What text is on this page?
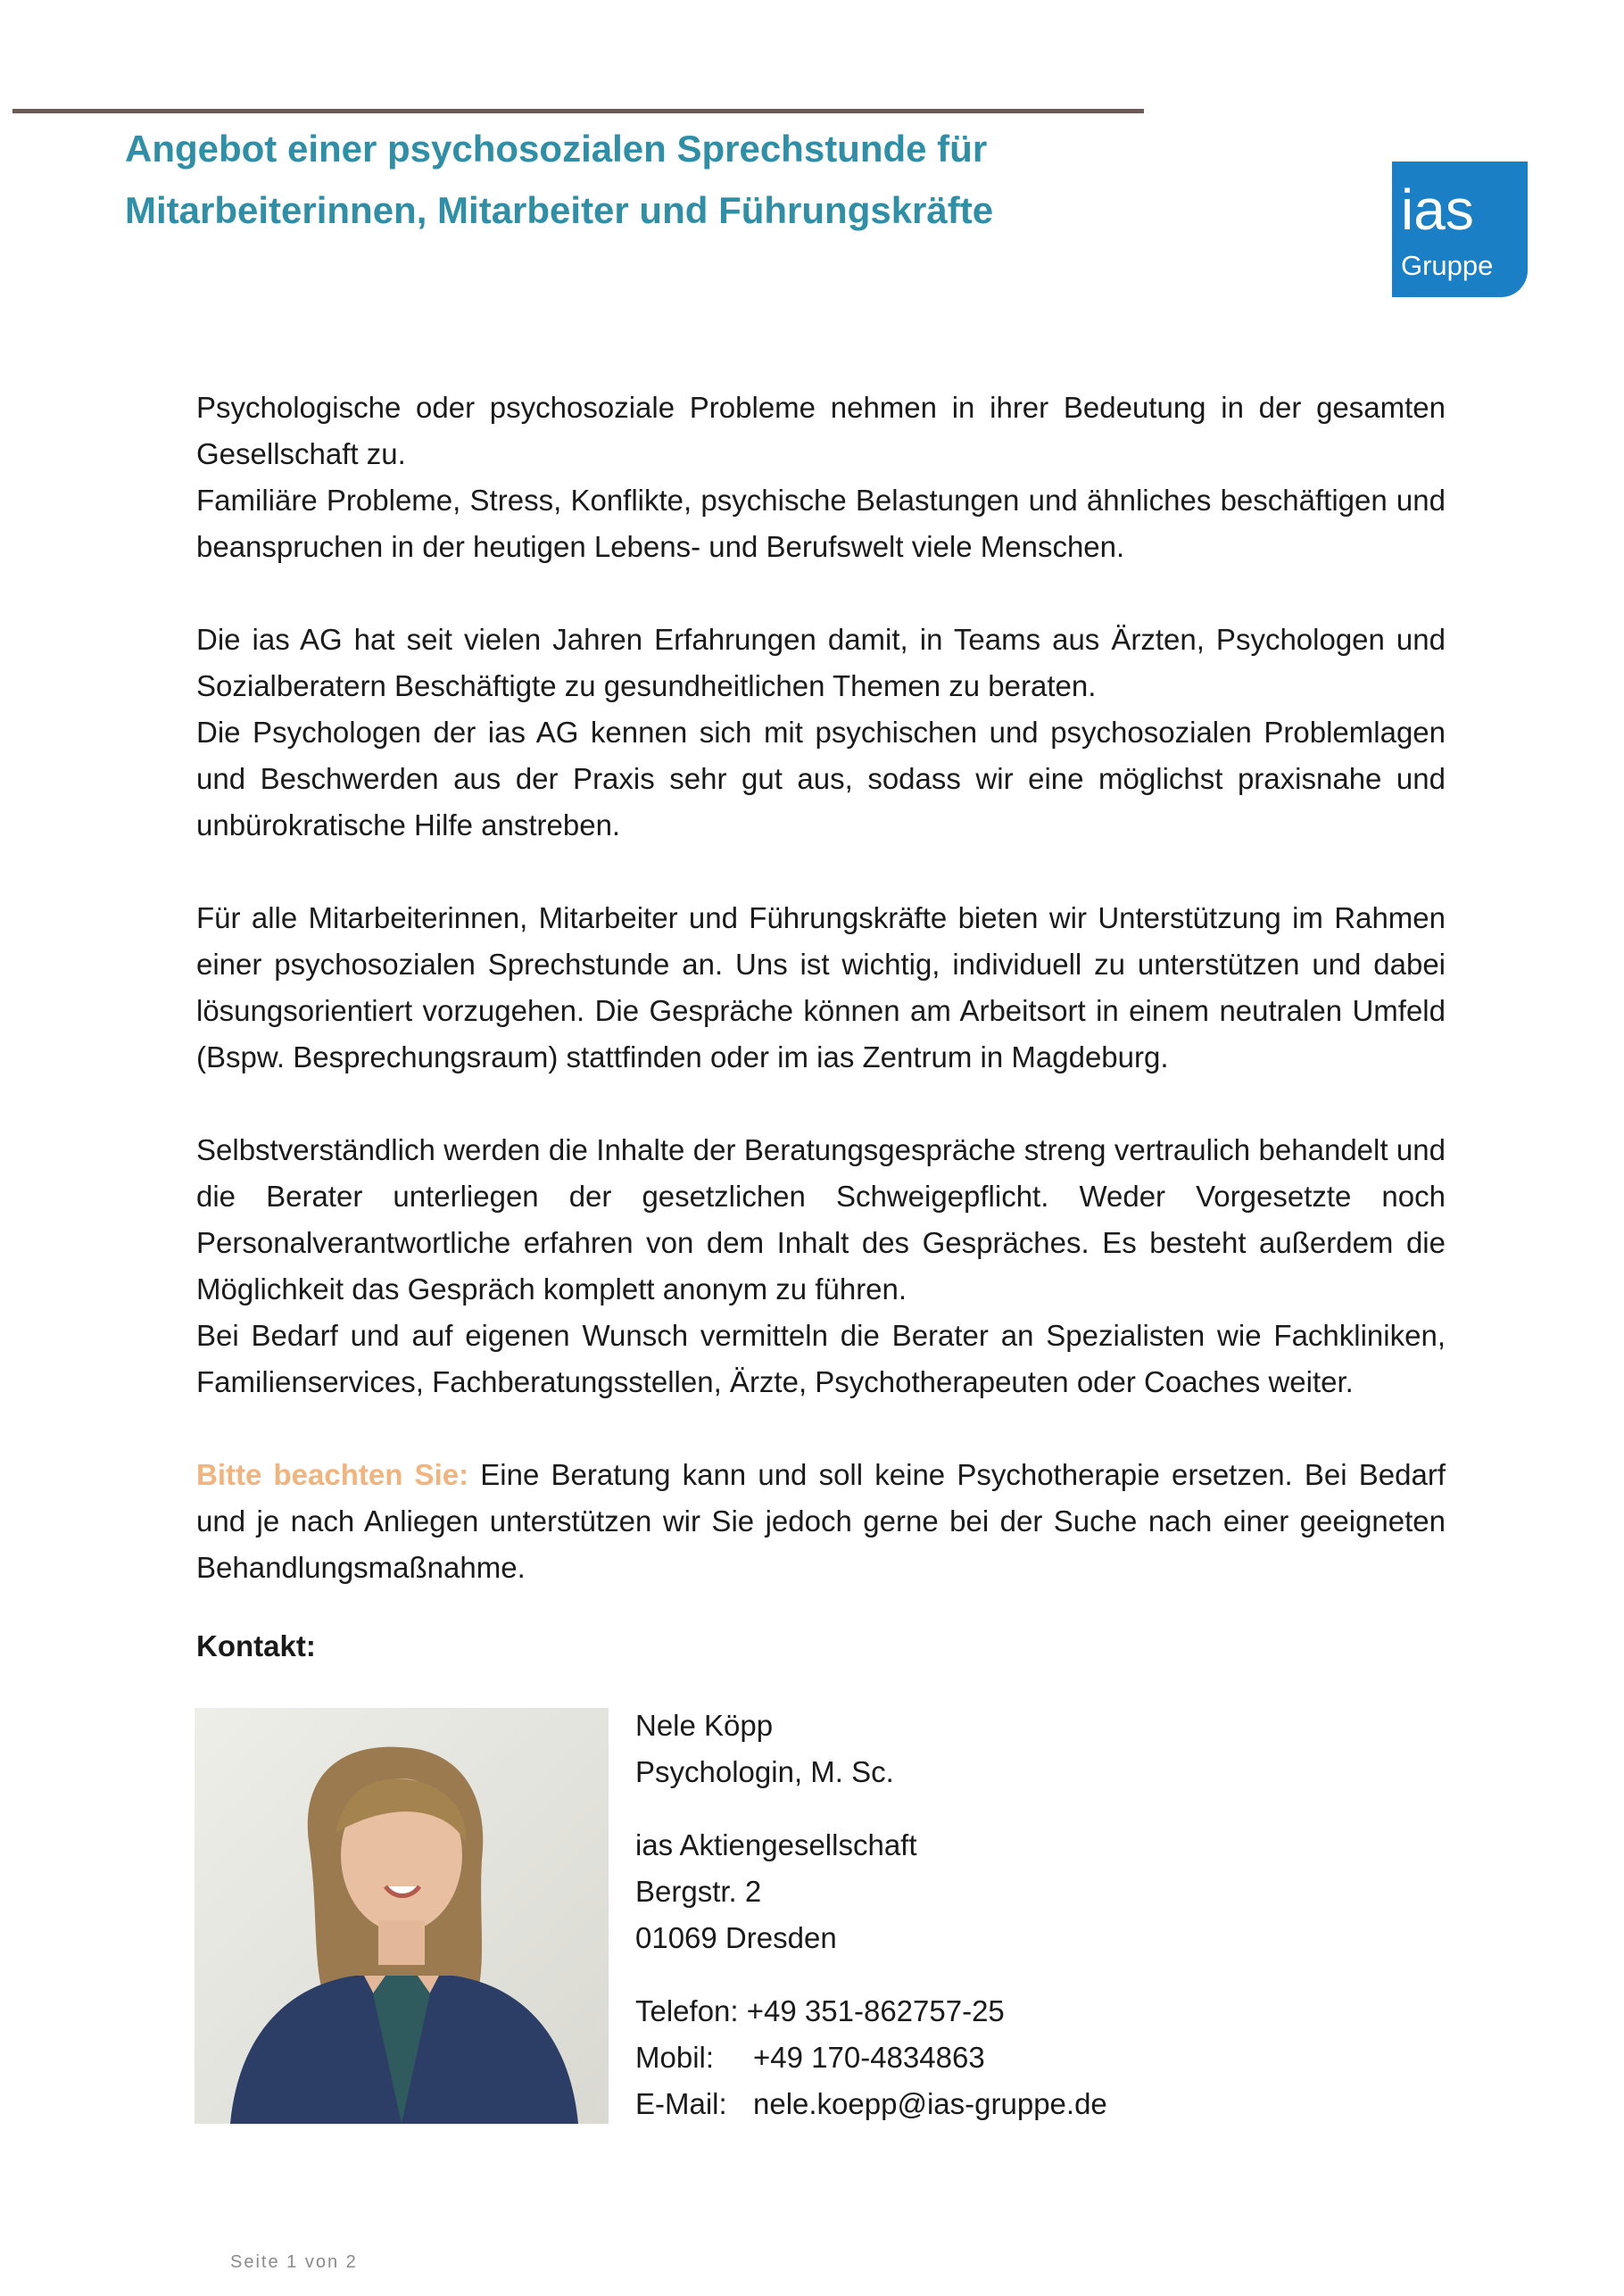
Angebot einer psychosozialen Sprechstunde für
Mitarbeiterinnen, Mitarbeiter und Führungskräfte	ias
Gruppe

Psychologische oder psychosoziale Probleme nehmen in ihrer Bedeutung in der gesamten Gesellschaft zu.

Familiäre Probleme, Stress, Konflikte, psychische Belastungen und ähnliches beschäftigen und beanspruchen in der heutigen Lebens- und Berufswelt viele Menschen.

Die ias AG hat seit vielen Jahren Erfahrungen damit, in Teams aus Ärzten, Psychologen und Sozialberatern Beschäftigte zu gesundheitlichen Themen zu beraten.

Die Psychologen der ias AG kennen sich mit psychischen und psychosozialen Problemlagen und Beschwerden aus der Praxis sehr gut aus, sodass wir eine möglichst praxisnahe und unbürokratische Hilfe anstreben.

Für alle Mitarbeiterinnen, Mitarbeiter und Führungskräfte bieten wir Unterstützung im Rahmen einer psychosozialen Sprechstunde an. Uns ist wichtig, individuell zu unterstützen und dabei lösungsorientiert vorzugehen. Die Gespräche können am Arbeitsort in einem neutralen Umfeld (Bspw. Besprechungsraum) stattfinden oder im ias Zentrum in Magdeburg.

Selbstverständlich werden die Inhalte der Beratungsgespräche streng vertraulich behandelt und die Berater unterliegen der gesetzlichen Schweigepflicht. Weder Vorgesetzte noch Personalverantwortliche erfahren von dem Inhalt des Gespräches. Es besteht außerdem die Möglichkeit das Gespräch komplett anonym zu führen.

Bei Bedarf und auf eigenen Wunsch vermitteln die Berater an Spezialisten wie Fachkliniken, Familienservices, Fachberatungsstellen, Ärzte, Psychotherapeuten oder Coaches weiter.

Bitte beachten Sie: Eine Beratung kann und soll keine Psychotherapie ersetzen. Bei Bedarf und je nach Anliegen unterstützen wir Sie jedoch gerne bei der Suche nach einer geeigneten Behandlungsmaßnahme.

Kontakt:
Nele Köpp
Psychologin, M. Sc.
ias Aktiengesellschaft
Bergstr. 2
01069 Dresden
Telefon: +49 351-862757-25
Mobil: +49 170-4834863
E-Mail: nele.koepp@ias-gruppe.de
Seite 1 von 2
